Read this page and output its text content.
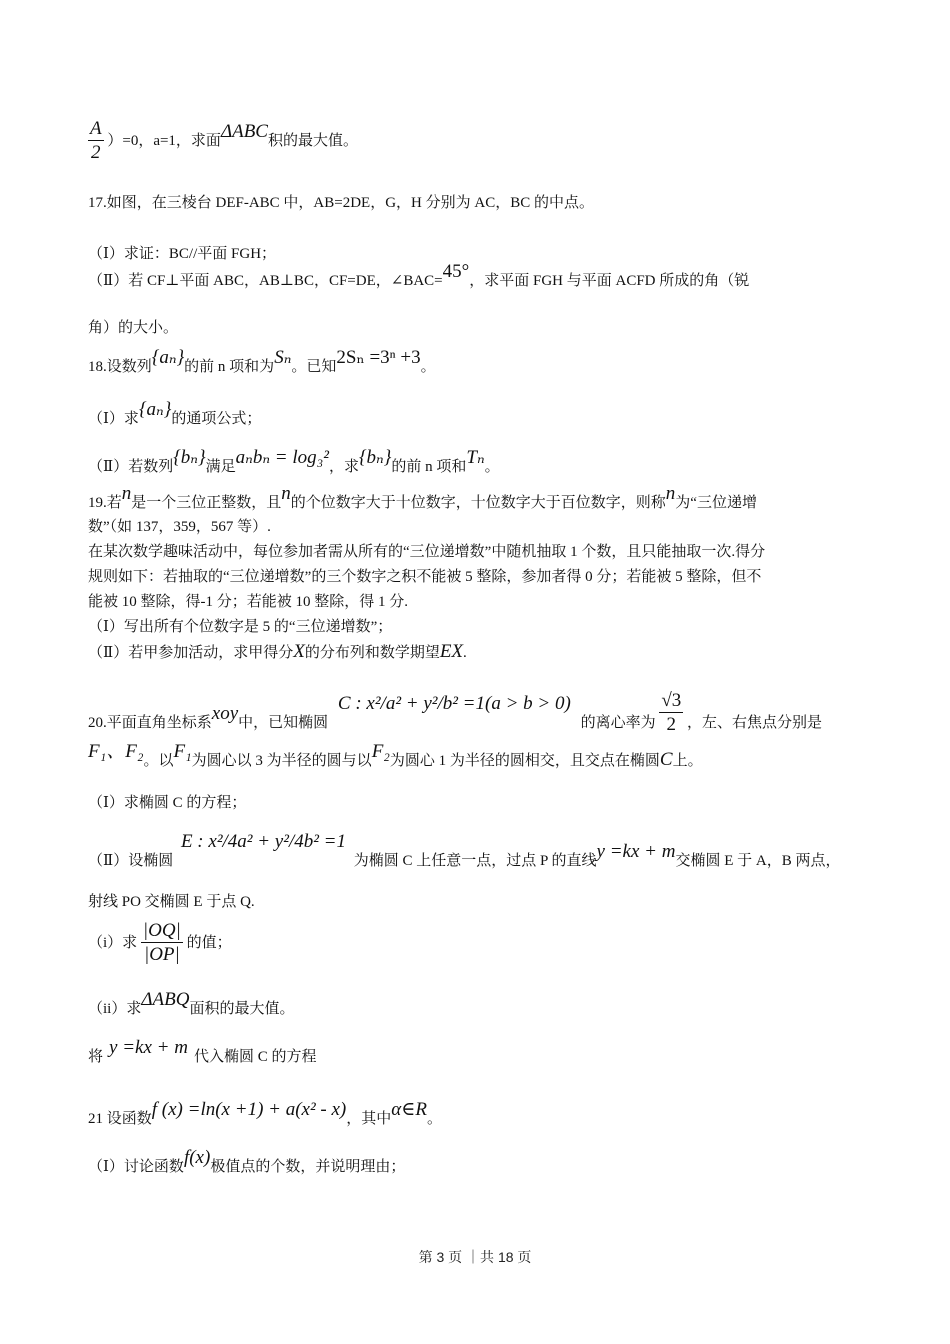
$\frac{A}{2} )=0$，a=1，求面ΔABC积的最大值。
17.如图，在三棱台 DEF-ABC 中，AB=2DE，G，H 分别为 AC，BC 的中点。
（Ⅰ）求证：BC//平面 FGH；
（Ⅱ）若 CF⊥平面 ABC，AB⊥BC，CF=DE，∠BAC=45°，求平面 FGH 与平面 ACFD 所成的角（锐
角）的大小。
18.设数列{aₙ}的前 n 项和为Sₙ。已知2Sₙ =3ⁿ +3。
（Ⅰ）求{aₙ}的通项公式；
（Ⅱ）若数列{bₙ}满足aₙbₙ = log₃²，求{bₙ}的前 n 项和Tₙ。
19.若n是一个三位正整数，且n的个位数字大于十位数字，十位数字大于百位数字，则称n为“三位递增
数”（如 137，359，567 等）.
在某次数学趣味活动中，每位参加者需从所有的“三位递增数”中随机抽取 1 个数，且只能抽取一次.得分
规则如下：若抽取的“三位递增数”的三个数字之积不能被 5 整除，参加者得 0 分；若能被 5 整除，但不
能被 10 整除，得-1 分；若能被 10 整除，得 1 分.
（Ⅰ）写出所有个位数字是 5 的“三位递增数”；
（Ⅱ）若甲参加活动，求甲得分X的分布列和数学期望EX.
20.平面直角坐标系xoy中，已知椭圆 C : x²/a² + y²/b² =1(a > b > 0) 的离心率为 $\frac{√3}{2}$ ，左、右焦点分别是
F₁、F₂。以F₁为圆心以 3 为半径的圆与以F₂为圆心 1 为半径的圆相交，且交点在椭圆C上。
（Ⅰ）求椭圆 C 的方程；
（Ⅱ）设椭圆 E : x²/4a² + y²/4b² =1 为椭圆 C 上任意一点，过点 P 的直线y =kx + m交椭圆 E 于 A，B 两点，
射线 PO 交椭圆 E 于点 Q.
（i）求 $\frac{|OQ|}{|OP|}$ 的值；
（ii）求ΔABQ面积的最大值。
将 y =kx + m 代入椭圆 C 的方程
21 设函数f (x) =ln(x +1) + a(x² - x)，其中α∈R。
（Ⅰ）讨论函数f(x)极值点的个数，并说明理由；
第 3 页 ｜共 18 页
